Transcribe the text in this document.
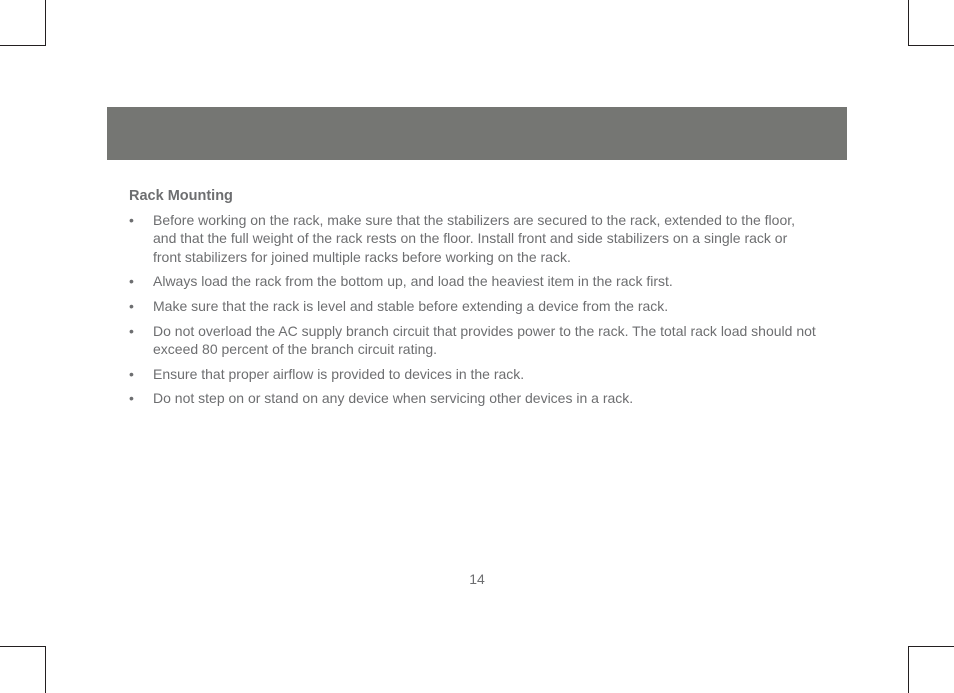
Rack Mounting
• Before working on the rack, make sure that the stabilizers are secured to the rack, extended to the floor, and that the full weight of the rack rests on the floor. Install front and side stabilizers on a single rack or front stabilizers for joined multiple racks before working on the rack.
• Always load the rack from the bottom up, and load the heaviest item in the rack first.
• Make sure that the rack is level and stable before extending a device from the rack.
• Do not overload the AC supply branch circuit that provides power to the rack. The total rack load should not exceed 80 percent of the branch circuit rating.
• Ensure that proper airflow is provided to devices in the rack.
• Do not step on or stand on any device when servicing other devices in a rack.
14
